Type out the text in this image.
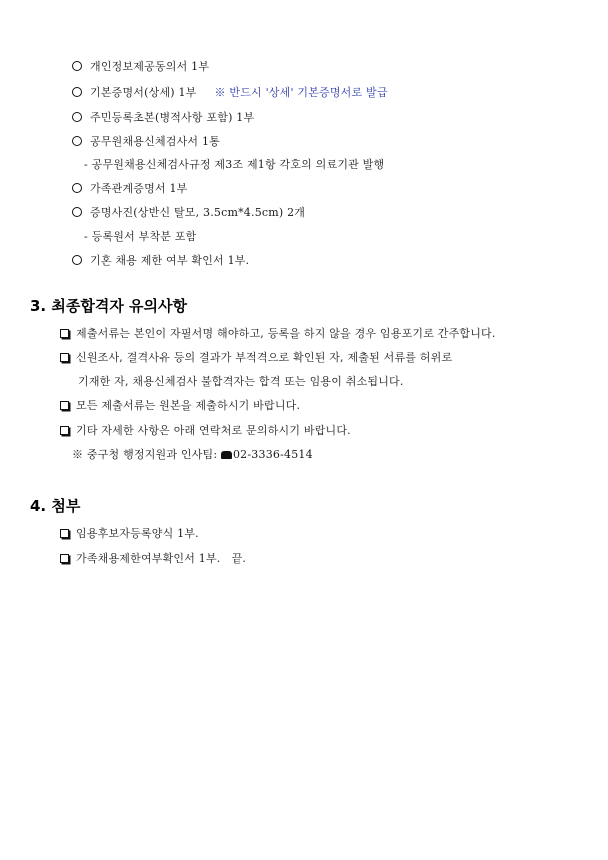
개인정보제공동의서 1부
기본증명서(상세) 1부 ※ 반드시 '상세' 기본증명서로 발급
주민등록초본(병적사항 포함) 1부
공무원채용신체검사서 1통
- 공무원채용신체검사규정 제3조 제1항 각호의 의료기관 발행
가족관계증명서 1부
증명사진(상반신 탈모, 3.5cm*4.5cm) 2개
- 등록원서 부착분 포함
기혼 채용 제한 여부 확인서 1부.
3. 최종합격자 유의사항
제출서류는 본인이 자필서명 해야하고, 등록을 하지 않을 경우 임용포기로 간주합니다.
신원조사, 결격사유 등의 결과가 부적격으로 확인된 자, 제출된 서류를 허위로
기재한 자, 채용신체검사 불합격자는 합격 또는 임용이 취소됩니다.
모든 제출서류는 원본을 제출하시기 바랍니다.
기타 자세한 사항은 아래 연락처로 문의하시기 바랍니다.
※ 중구청 행정지원과 인사팀: 02-3336-4514
4. 첨부
임용후보자등록양식 1부.
가족채용제한여부확인서 1부.   끝.
